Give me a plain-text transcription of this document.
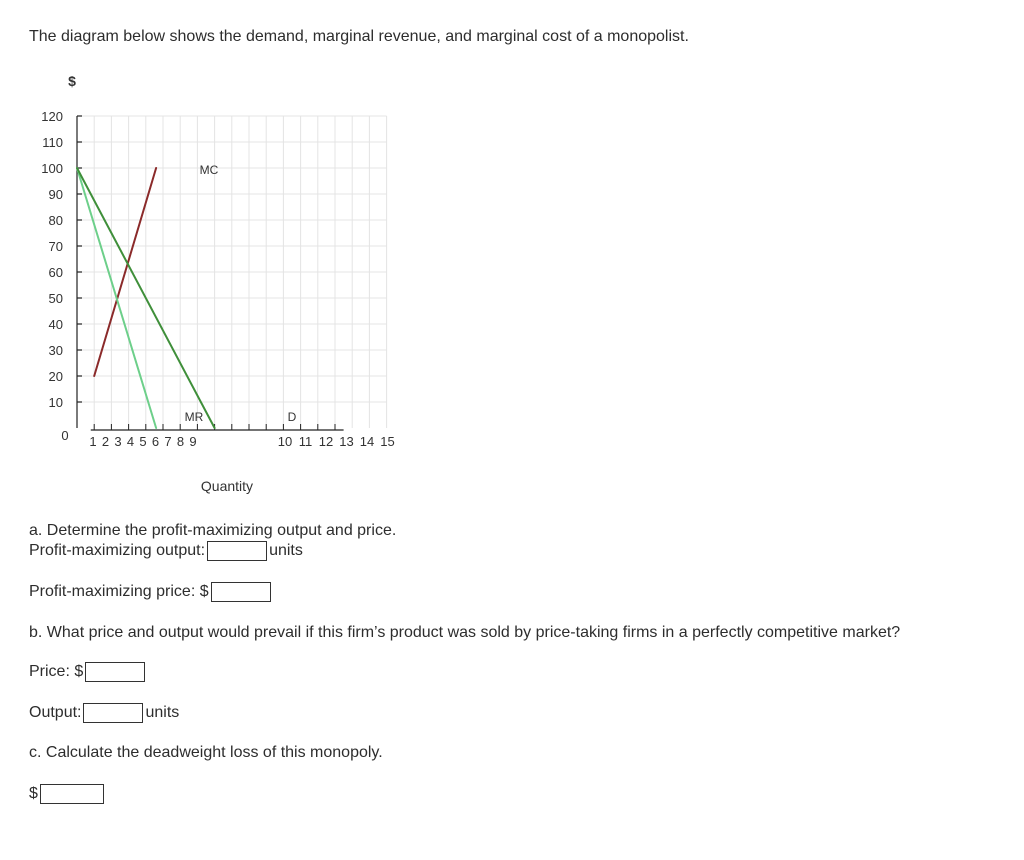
The diagram below shows the demand, marginal revenue, and marginal cost of a monopolist.
10
20
30
40
50
60
70
80
90
100
110
120
1 2 3 4 5 6 7 8 9	10 11 12 13 14 15
MC
MR	D
$
Quantity
0
a. Determine the profit-maximizing output and price.
Profit-maximizing output:	units
Profit-maximizing price: $
b. What price and output would prevail if this firm’s product was sold by price-taking firms in a perfectly competitive market?
Price: $
Output:	units
c. Calculate the deadweight loss of this monopoly.
$
